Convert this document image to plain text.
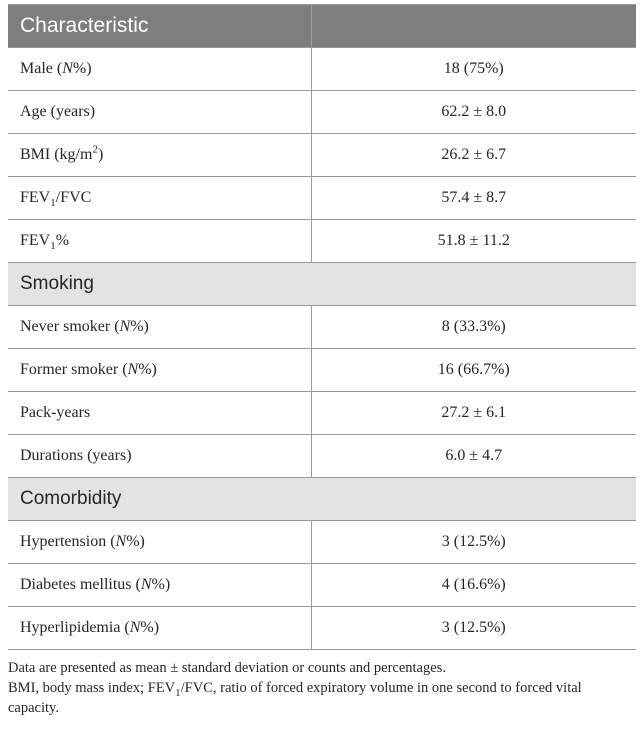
Characteristic	
Male (N%)	18 (75%)
Age (years)	62.2 ± 8.0
BMI $(kg/m^2)$	26.2 ± 6.7
$FEV_1$/FVC	57.4 ± 8.7
$FEV_1\%$	51.8 ± 11.2
Smoking	
Never smoker (N%)	8 (33.3%)
Former smoker (N%)	16 (66.7%)
Pack-years	27.2 ± 6.1
Durations (years)	6.0 ± 4.7
Comorbidity	
Hypertension (N%)	3 (12.5%)
Diabetes mellitus (N%)	4 (16.6%)
Hyperlipidemia (N%)	3 (12.5%)

Data are presented as mean ± standard deviation or counts and percentages.

BMI, body mass index; $FEV_1$/FVC, ratio of forced expiratory volume in one second to forced vital capacity.
